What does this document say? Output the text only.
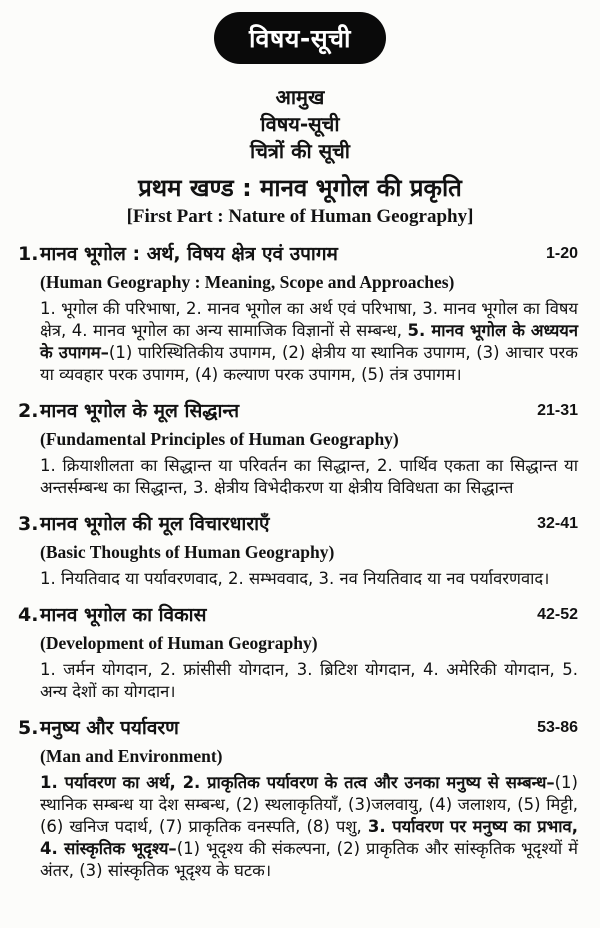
विषय-सूची
आमुख
विषय-सूची
चित्रों की सूची
प्रथम खण्ड : मानव भूगोल की प्रकृति
[First Part : Nature of Human Geography]
1. मानव भूगोल : अर्थ, विषय क्षेत्र एवं उपागम	1-20
(Human Geography : Meaning, Scope and Approaches)
1. भूगोल की परिभाषा, 2. मानव भूगोल का अर्थ एवं परिभाषा, 3. मानव भूगोल का विषय क्षेत्र, 4. मानव भूगोल का अन्य सामाजिक विज्ञानों से सम्बन्ध, 5. मानव भूगोल के अध्ययन के उपागम–(1) पारिस्थितिकीय उपागम, (2) क्षेत्रीय या स्थानिक उपागम, (3) आचार परक या व्यवहार परक उपागम, (4) कल्याण परक उपागम, (5) तंत्र उपागम।
2. मानव भूगोल के मूल सिद्धान्त	21-31
(Fundamental Principles of Human Geography)
1. क्रियाशीलता का सिद्धान्त या परिवर्तन का सिद्धान्त, 2. पार्थिव एकता का सिद्धान्त या अन्तर्सम्बन्ध का सिद्धान्त, 3. क्षेत्रीय विभेदीकरण या क्षेत्रीय विविधता का सिद्धान्त
3. मानव भूगोल की मूल विचारधाराएँ	32-41
(Basic Thoughts of Human Geography)
1. नियतिवाद या पर्यावरणवाद, 2. सम्भववाद, 3. नव नियतिवाद या नव पर्यावरणवाद।
4. मानव भूगोल का विकास	42-52
(Development of Human Geography)
1. जर्मन योगदान, 2. फ्रांसीसी योगदान, 3. ब्रिटिश योगदान, 4. अमेरिकी योगदान, 5. अन्य देशों का योगदान।
5. मनुष्य और पर्यावरण	53-86
(Man and Environment)
1. पर्यावरण का अर्थ, 2. प्राकृतिक पर्यावरण के तत्व और उनका मनुष्य से सम्बन्ध–(1) स्थानिक सम्बन्ध या देश सम्बन्ध, (2) स्थलाकृतियाँ, (3)जलवायु, (4) जलाशय, (5) मिट्टी, (6) खनिज पदार्थ, (7) प्राकृतिक वनस्पति, (8) पशु, 3. पर्यावरण पर मनुष्य का प्रभाव, 4. सांस्कृतिक भूदृश्य–(1) भूदृश्य की संकल्पना, (2) प्राकृतिक और सांस्कृतिक भूदृश्यों में अंतर, (3) सांस्कृतिक भूदृश्य के घटक।
